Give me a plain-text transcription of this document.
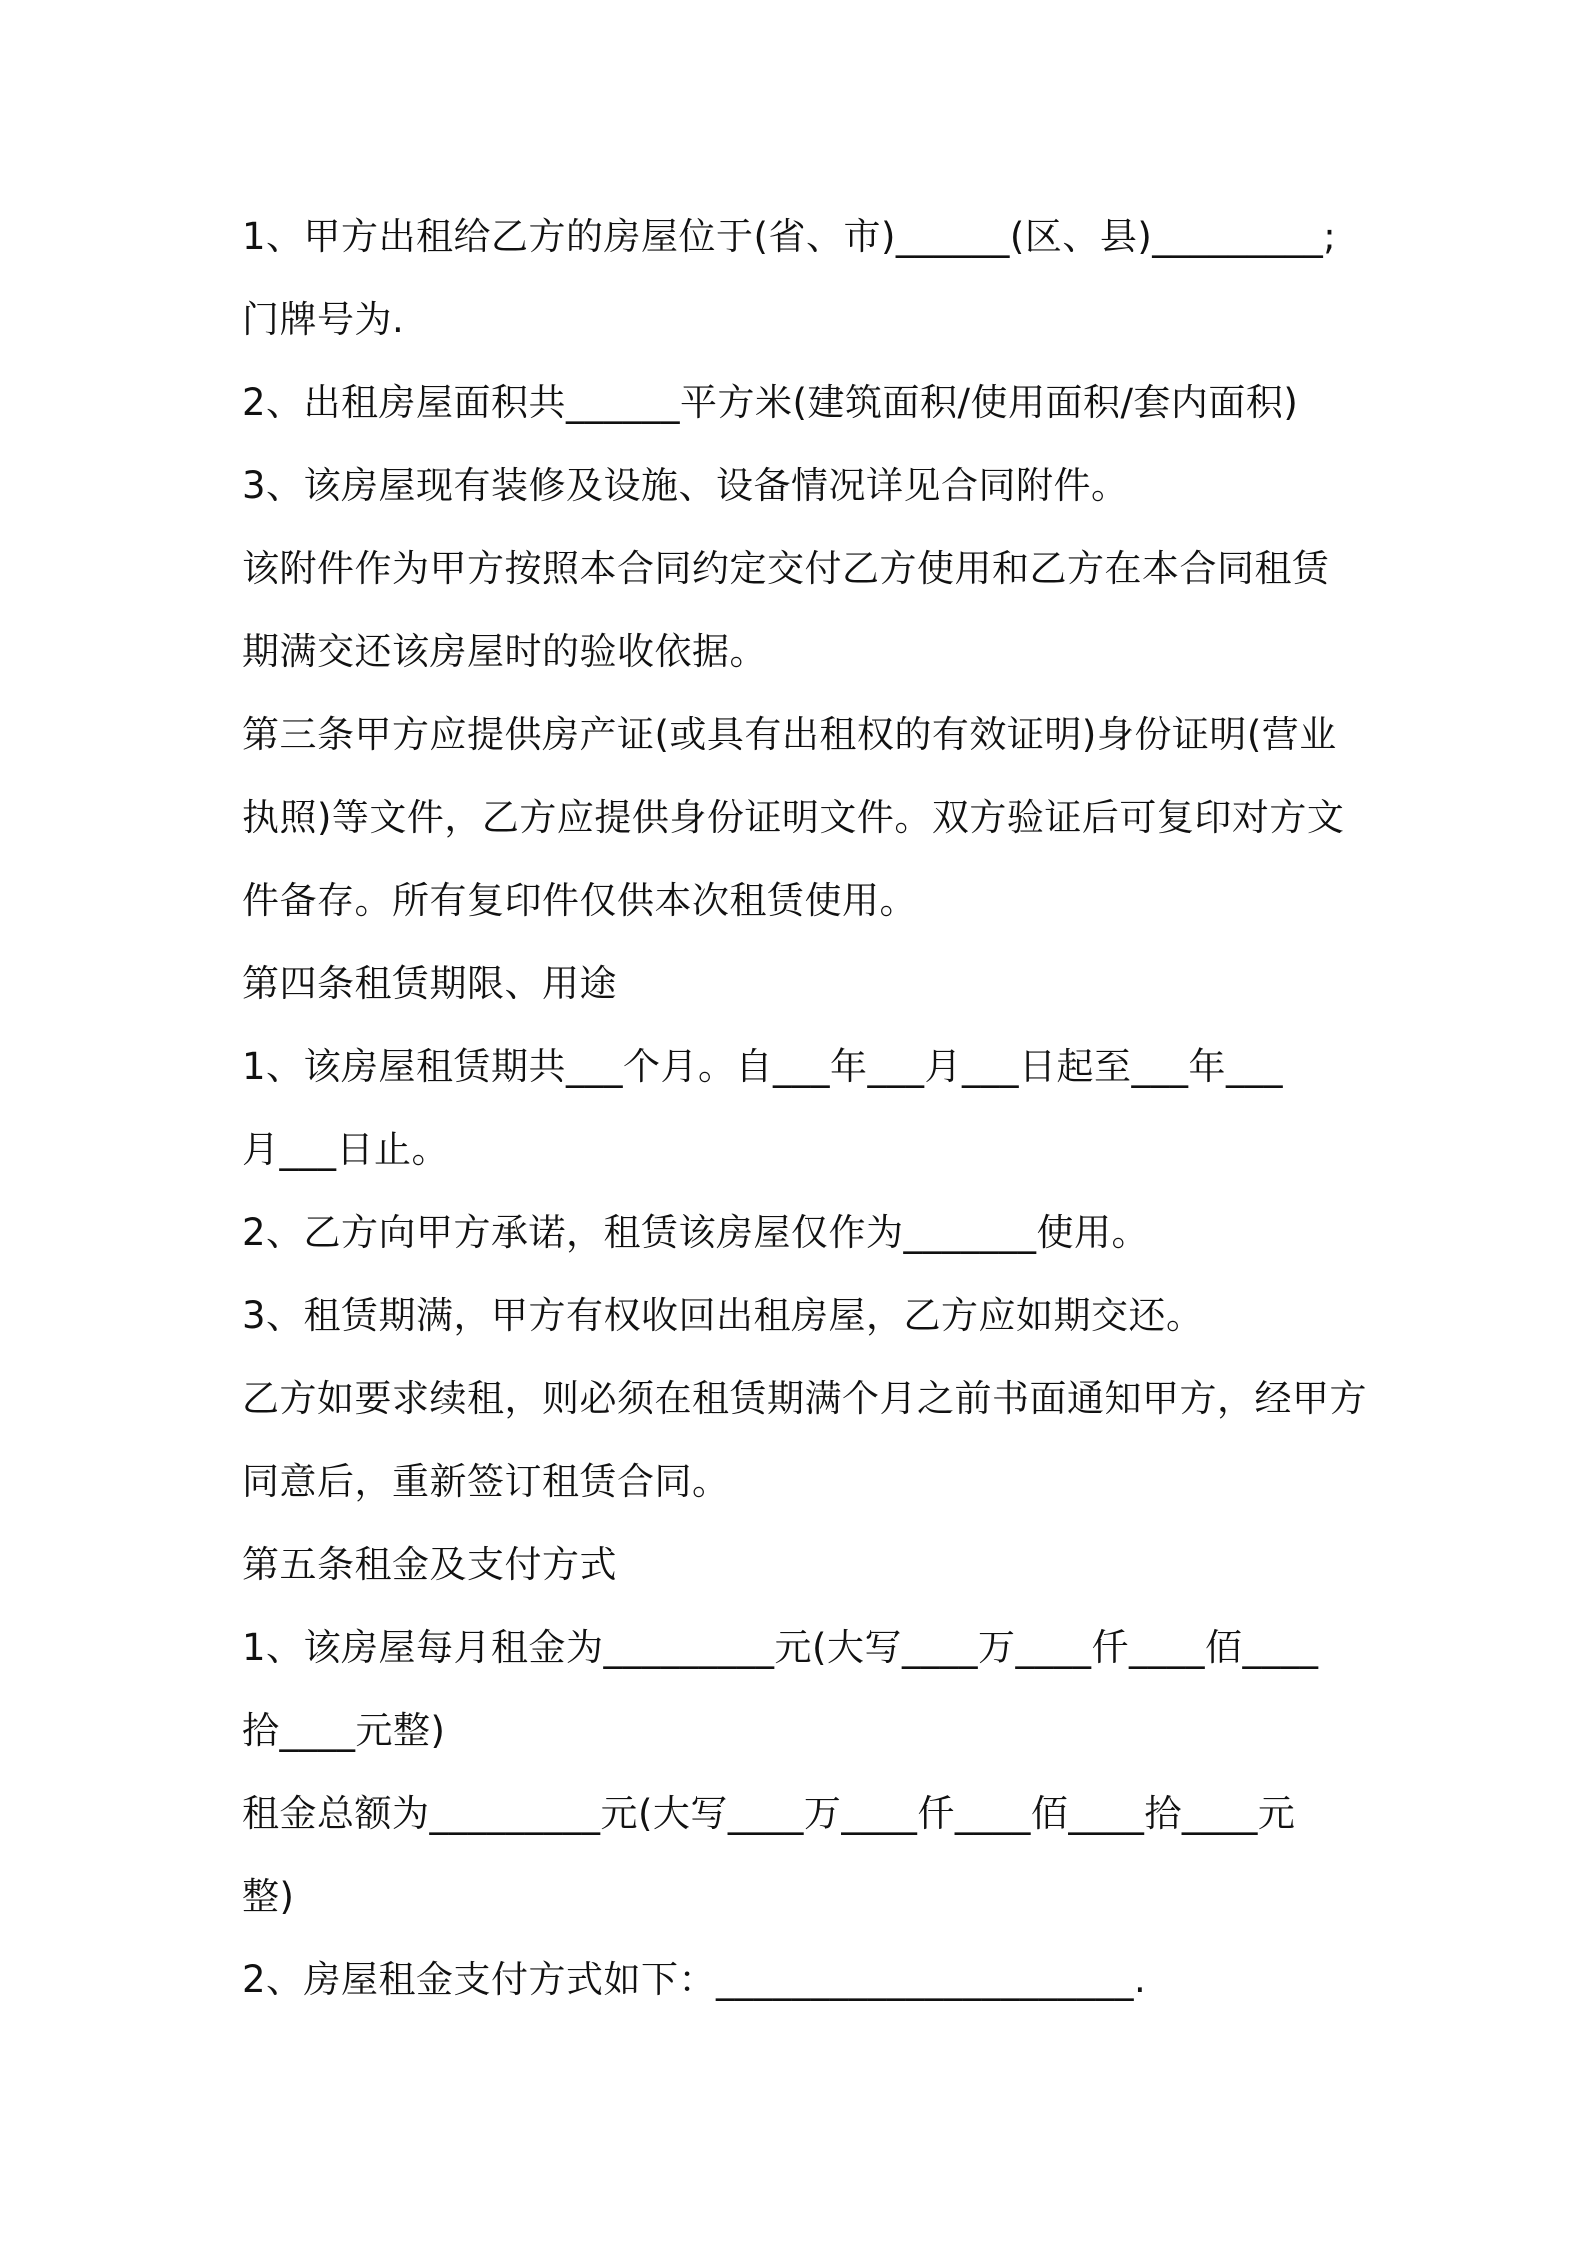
1、甲方出租给乙方的房屋位于(省、市)______(区、县)_________;
门牌号为.
2、出租房屋面积共______平方米(建筑面积/使用面积/套内面积)
3、该房屋现有装修及设施、设备情况详见合同附件。
该附件作为甲方按照本合同约定交付乙方使用和乙方在本合同租赁
期满交还该房屋时的验收依据。
第三条甲方应提供房产证(或具有出租权的有效证明)身份证明(营业
执照)等文件，乙方应提供身份证明文件。双方验证后可复印对方文
件备存。所有复印件仅供本次租赁使用。
第四条租赁期限、用途
1、该房屋租赁期共___个月。自___年___月___日起至___年___
月___日止。
2、乙方向甲方承诺，租赁该房屋仅作为_______使用。
3、租赁期满，甲方有权收回出租房屋，乙方应如期交还。
乙方如要求续租，则必须在租赁期满个月之前书面通知甲方，经甲方
同意后，重新签订租赁合同。
第五条租金及支付方式
1、该房屋每月租金为_________元(大写____万____仟____佰____
拾____元整)
租金总额为_________元(大写____万____仟____佰____拾____元
整)
2、房屋租金支付方式如下：______________________.
